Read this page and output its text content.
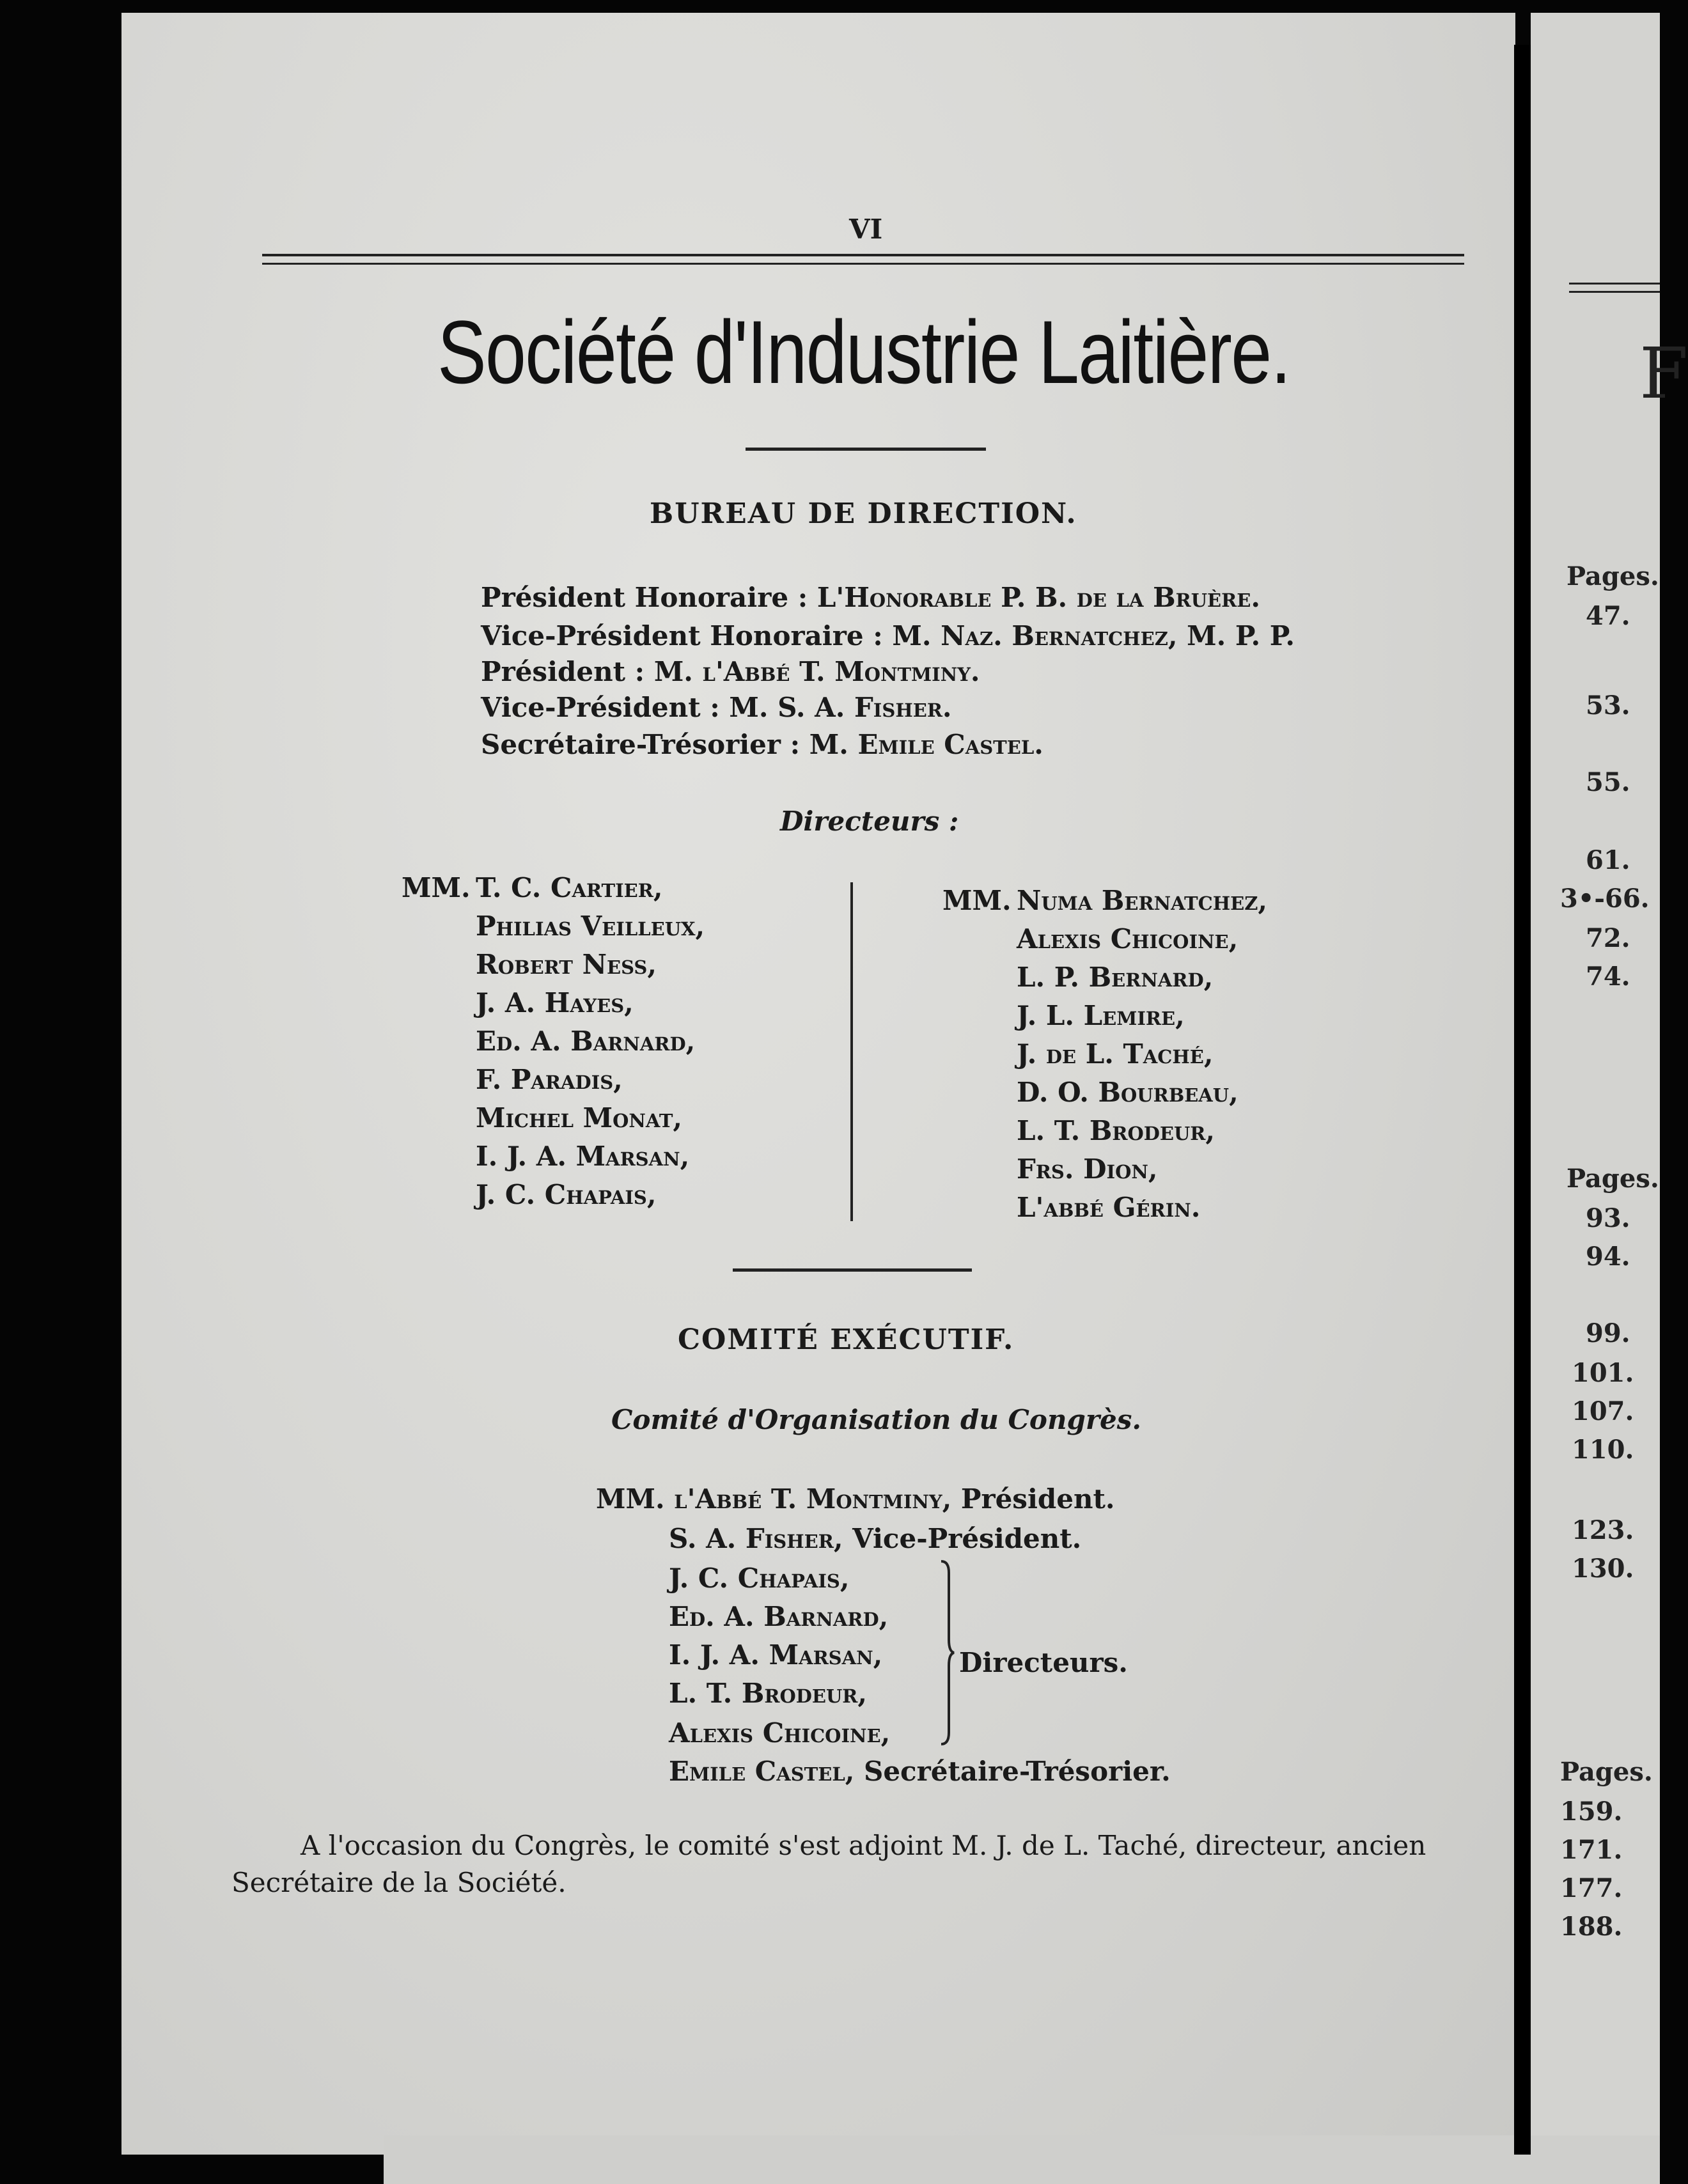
F
Pages.
47.
53.
55.
61.
3•-66.
72.
74.
Pages.
93.
94.
99.
101.
107.
110.
123.
130.
Pages.
159.
171.
177.
188.
VI
Société d'Industrie Laitière.
BUREAU DE DIRECTION.
Président Honoraire : L'Honorable P. B. de la Bruère.
Vice-Président Honoraire : M. Naz. Bernatchez, M. P. P.
Président : M. l'Abbé T. Montminy.
Vice-Président : M. S. A. Fisher.
Secrétaire-Trésorier : M. Emile Castel.
Directeurs :
MM. T. C. Cartier,
Philias Veilleux,
Robert Ness,
J. A. Hayes,
Ed. A. Barnard,
F. Paradis,
Michel Monat,
I. J. A. Marsan,
J. C. Chapais,
MM. Numa Bernatchez,
Alexis Chicoine,
L. P. Bernard,
J. L. Lemire,
J. de L. Taché,
D. O. Bourbeau,
L. T. Brodeur,
Frs. Dion,
L'abbé Gérin.
COMITÉ EXÉCUTIF.
Comité d'Organisation du Congrès.
MM. l'Abbé T. Montminy, Président.
S. A. Fisher, Vice-Président.
J. C. Chapais,
Ed. A. Barnard,
I. J. A. Marsan,
L. T. Brodeur,
Alexis Chicoine,
Directeurs.
Emile Castel, Secrétaire-Trésorier.
A l'occasion du Congrès, le comité s'est adjoint M. J. de L. Taché, directeur, ancien
Secrétaire de la Société.
